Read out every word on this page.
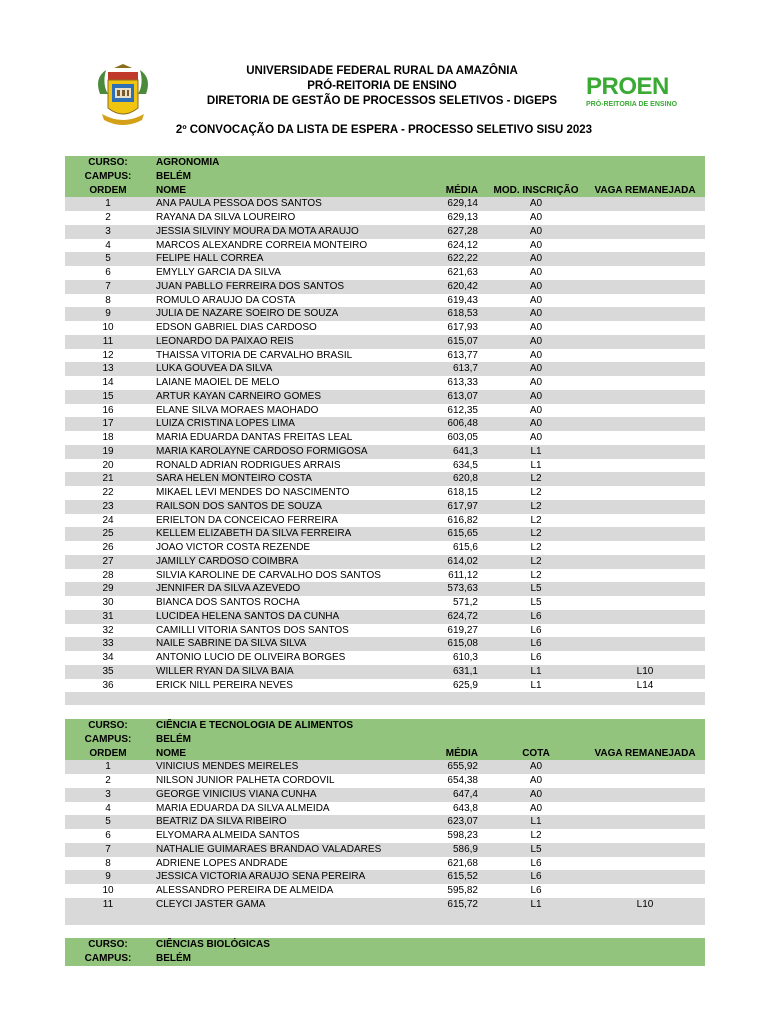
UNIVERSIDADE FEDERAL RURAL DA AMAZÔNIA
PRÓ-REITORIA DE ENSINO
DIRETORIA DE GESTÃO DE PROCESSOS SELETIVOS - DIGEPS
PROEN
PRÓ-REITORIA DE ENSINO
2º CONVOCAÇÃO DA LISTA DE ESPERA - PROCESSO SELETIVO SISU 2023
CURSO:	AGRONOMIA
CAMPUS:	BELÉM
ORDEM	NOME	MÉDIA	MOD. INSCRIÇÃO	VAGA REMANEJADA
1	ANA PAULA PESSOA DOS SANTOS	629,14	A0
2	RAYANA DA SILVA LOUREIRO	629,13	A0
3	JESSIA SILVINY MOURA DA MOTA ARAUJO	627,28	A0
4	MARCOS ALEXANDRE CORREIA MONTEIRO	624,12	A0
5	FELIPE HALL CORREA	622,22	A0
6	EMYLLY GARCIA DA SILVA	621,63	A0
7	JUAN PABLLO FERREIRA DOS SANTOS	620,42	A0
8	ROMULO ARAUJO DA COSTA	619,43	A0
9	JULIA DE NAZARE SOEIRO DE SOUZA	618,53	A0
10	EDSON GABRIEL DIAS CARDOSO	617,93	A0
11	LEONARDO DA PAIXAO REIS	615,07	A0
12	THAISSA VITORIA DE CARVALHO BRASIL	613,77	A0
13	LUKA GOUVEA DA SILVA	613,7	A0
14	LAIANE MAOIEL DE MELO	613,33	A0
15	ARTUR KAYAN CARNEIRO GOMES	613,07	A0
16	ELANE SILVA MORAES MAOHADO	612,35	A0
17	LUIZA CRISTINA LOPES LIMA	606,48	A0
18	MARIA EDUARDA DANTAS FREITAS LEAL	603,05	A0
19	MARIA KAROLAYNE CARDOSO FORMIGOSA	641,3	L1
20	RONALD ADRIAN RODRIGUES ARRAIS	634,5	L1
21	SARA HELEN MONTEIRO COSTA	620,8	L2
22	MIKAEL LEVI MENDES DO NASCIMENTO	618,15	L2
23	RAILSON DOS SANTOS DE SOUZA	617,97	L2
24	ERIELTON DA CONCEICAO FERREIRA	616,82	L2
25	KELLEM ELIZABETH DA SILVA FERREIRA	615,65	L2
26	JOAO VICTOR COSTA REZENDE	615,6	L2
27	JAMILLY CARDOSO COIMBRA	614,02	L2
28	SILVIA KAROLINE DE CARVALHO DOS SANTOS	611,12	L2
29	JENNIFER DA SILVA AZEVEDO	573,63	L5
30	BIANCA DOS SANTOS ROCHA	571,2	L5
31	LUCIDEA HELENA SANTOS DA CUNHA	624,72	L6
32	CAMILLI VITORIA SANTOS DOS SANTOS	619,27	L6
33	NAILE SABRINE DA SILVA SILVA	615,08	L6
34	ANTONIO LUCIO DE OLIVEIRA BORGES	610,3	L6
35	WILLER RYAN DA SILVA BAIA	631,1	L1	L10
36	ERICK NILL PEREIRA NEVES	625,9	L1	L14
CURSO:	CIÊNCIA E TECNOLOGIA DE ALIMENTOS
CAMPUS:	BELÉM
ORDEM	NOME	MÉDIA	COTA	VAGA REMANEJADA
1	VINICIUS MENDES MEIRELES	655,92	A0
2	NILSON JUNIOR PALHETA CORDOVIL	654,38	A0
3	GEORGE VINICIUS VIANA CUNHA	647,4	A0
4	MARIA EDUARDA DA SILVA ALMEIDA	643,8	A0
5	BEATRIZ DA SILVA RIBEIRO	623,07	L1
6	ELYOMARA ALMEIDA SANTOS	598,23	L2
7	NATHALIE GUIMARAES BRANDAO VALADARES	586,9	L5
8	ADRIENE LOPES ANDRADE	621,68	L6
9	JESSICA VICTORIA ARAUJO SENA PEREIRA	615,52	L6
10	ALESSANDRO PEREIRA DE ALMEIDA	595,82	L6
11	CLEYCI JASTER GAMA	615,72	L1	L10
CURSO:	CIÊNCIAS BIOLÓGICAS
CAMPUS:	BELÉM
